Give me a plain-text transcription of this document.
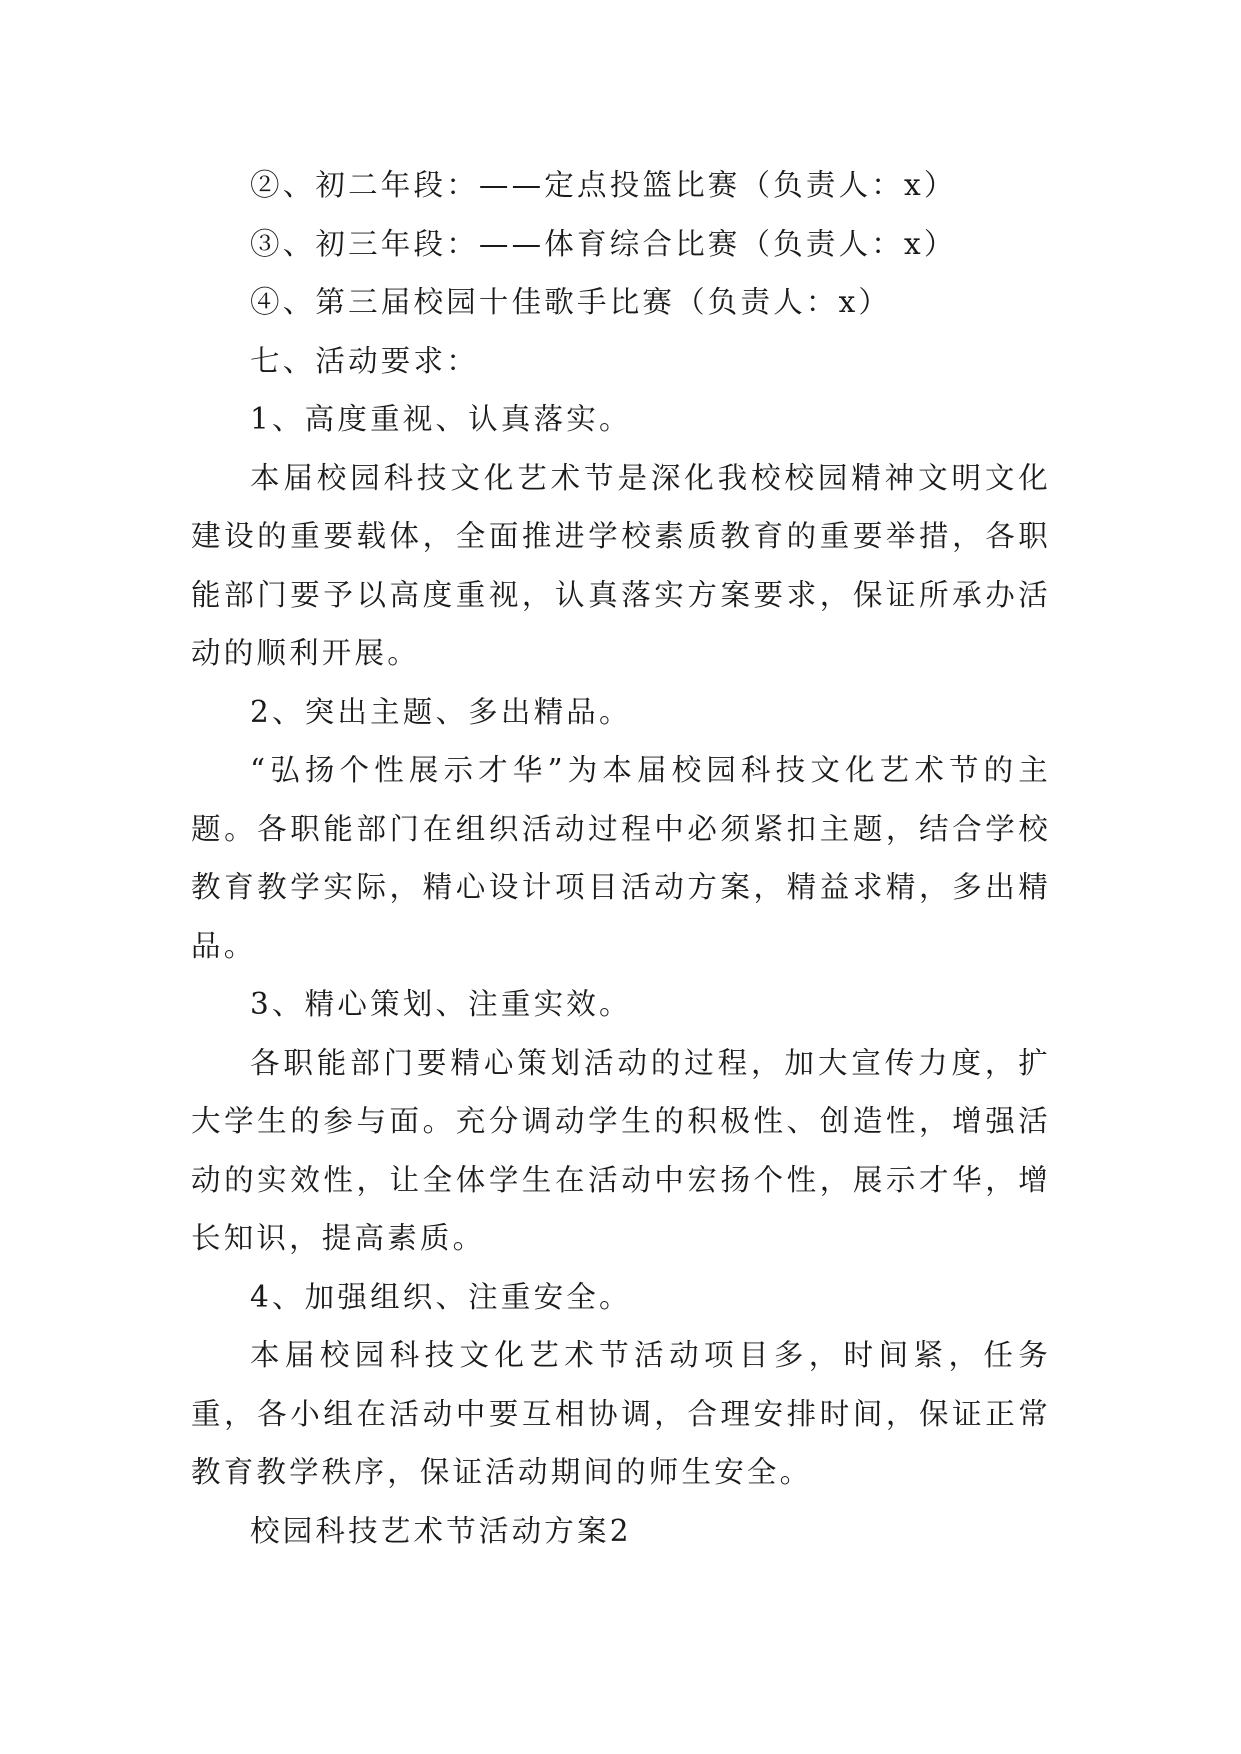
②、初二年段：——定点投篮比赛（负责人：x）

③、初三年段：——体育综合比赛（负责人：x）

④、第三届校园十佳歌手比赛（负责人：x）

七、活动要求：

1、高度重视、认真落实。

本届校园科技文化艺术节是深化我校校园精神文明文化建设的重要载体，全面推进学校素质教育的重要举措，各职能部门要予以高度重视，认真落实方案要求，保证所承办活动的顺利开展。

2、突出主题、多出精品。

“弘扬个性展示才华”为本届校园科技文化艺术节的主题。各职能部门在组织活动过程中必须紧扣主题，结合学校教育教学实际，精心设计项目活动方案，精益求精，多出精品。

3、精心策划、注重实效。

各职能部门要精心策划活动的过程，加大宣传力度，扩大学生的参与面。充分调动学生的积极性、创造性，增强活动的实效性，让全体学生在活动中宏扬个性，展示才华，增长知识，提高素质。

4、加强组织、注重安全。

本届校园科技文化艺术节活动项目多，时间紧，任务重，各小组在活动中要互相协调，合理安排时间，保证正常教育教学秩序，保证活动期间的师生安全。

校园科技艺术节活动方案2
